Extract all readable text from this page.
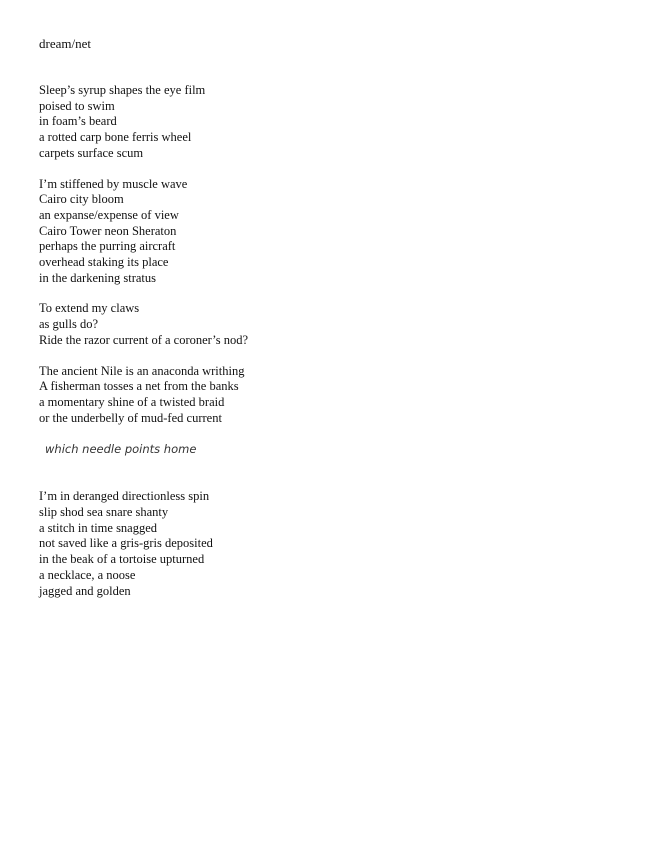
dream/net
Sleep’s syrup shapes the eye film
poised to swim
in foam’s beard
a rotted carp bone ferris wheel
carpets surface scum
I’m stiffened by muscle wave
Cairo city bloom
an expanse/expense of view
Cairo Tower neon Sheraton
perhaps the purring aircraft
overhead staking its place
in the darkening stratus
To extend my claws
as gulls do?
Ride the razor current of a coroner’s nod?
The ancient Nile is an anaconda writhing
A fisherman tosses a net from the banks
a momentary shine of a twisted braid
or the underbelly of mud-fed current
which needle points home
I’m in deranged directionless spin
slip shod sea snare shanty
a stitch in time snagged
not saved like a gris-gris deposited
in the beak of a tortoise upturned
a necklace, a noose
jagged and golden
